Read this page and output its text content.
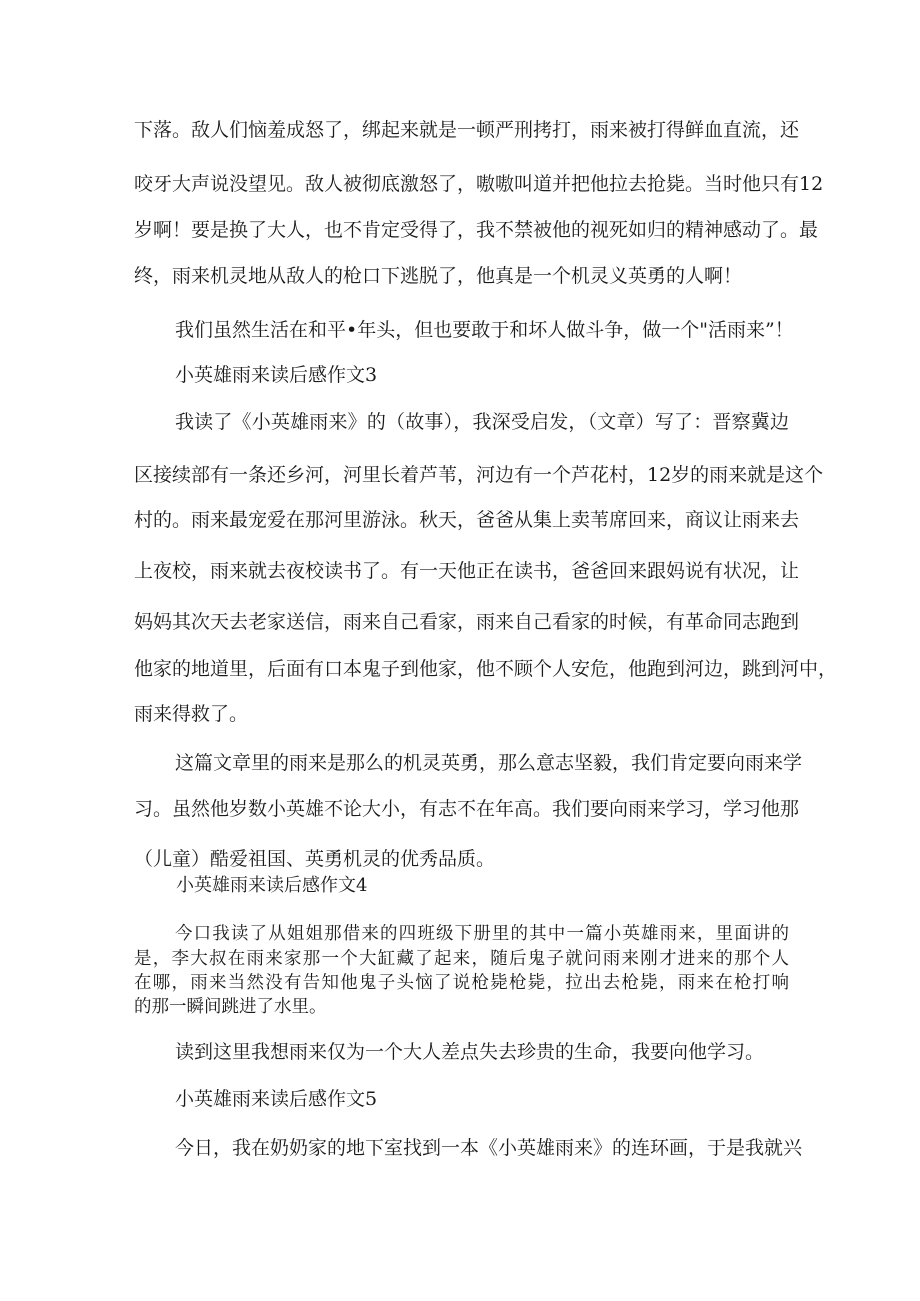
下落。敌人们恼羞成怒了，绑起来就是一顿严刑拷打，雨来被打得鲜血直流，还
咬牙大声说没望见。敌人被彻底激怒了，嗷嗷叫道并把他拉去抢毙。当时他只有12
岁啊！要是换了大人，也不肯定受得了，我不禁被他的视死如归的精神感动了。最
终，雨来机灵地从敌人的枪口下逃脱了，他真是一个机灵义英勇的人啊！
我们虽然生活在和平•年头，但也要敢于和坏人做斗争，做一个"活雨来”！
小英雄雨来读后感作文3
我读了《小英雄雨来》的（故事），我深受启发，（文章）写了：晋察冀边
区接续部有一条还乡河，河里长着芦苇，河边有一个芦花村，12岁的雨来就是这个
村的。雨来最宠爱在那河里游泳。秋天，爸爸从集上卖苇席回来，商议让雨来去
上夜校，雨来就去夜校读书了。有一天他正在读书，爸爸回来跟妈说有状况，让
妈妈其次天去老家送信，雨来自己看家，雨来自己看家的时候，有革命同志跑到
他家的地道里，后面有口本鬼子到他家，他不顾个人安危，他跑到河边，跳到河中，
雨来得救了。
这篇文章里的雨来是那么的机灵英勇，那么意志坚毅，我们肯定要向雨来学
习。虽然他岁数小英雄不论大小，有志不在年高。我们要向雨来学习，学习他那
（儿童）酷爱祖国、英勇机灵的优秀品质。
小英雄雨来读后感作文4
今口我读了从姐姐那借来的四班级下册里的其中一篇小英雄雨来，里面讲的
是，李大叔在雨来家那一个大缸藏了起来，随后鬼子就问雨来刚才进来的那个人
在哪，雨来当然没有告知他鬼子头恼了说枪毙枪毙，拉出去枪毙，雨来在枪打响
的那一瞬间跳进了水里。
读到这里我想雨来仅为一个大人差点失去珍贵的生命，我要向他学习。
小英雄雨来读后感作文5
今日，我在奶奶家的地下室找到一本《小英雄雨来》的连环画，于是我就兴
